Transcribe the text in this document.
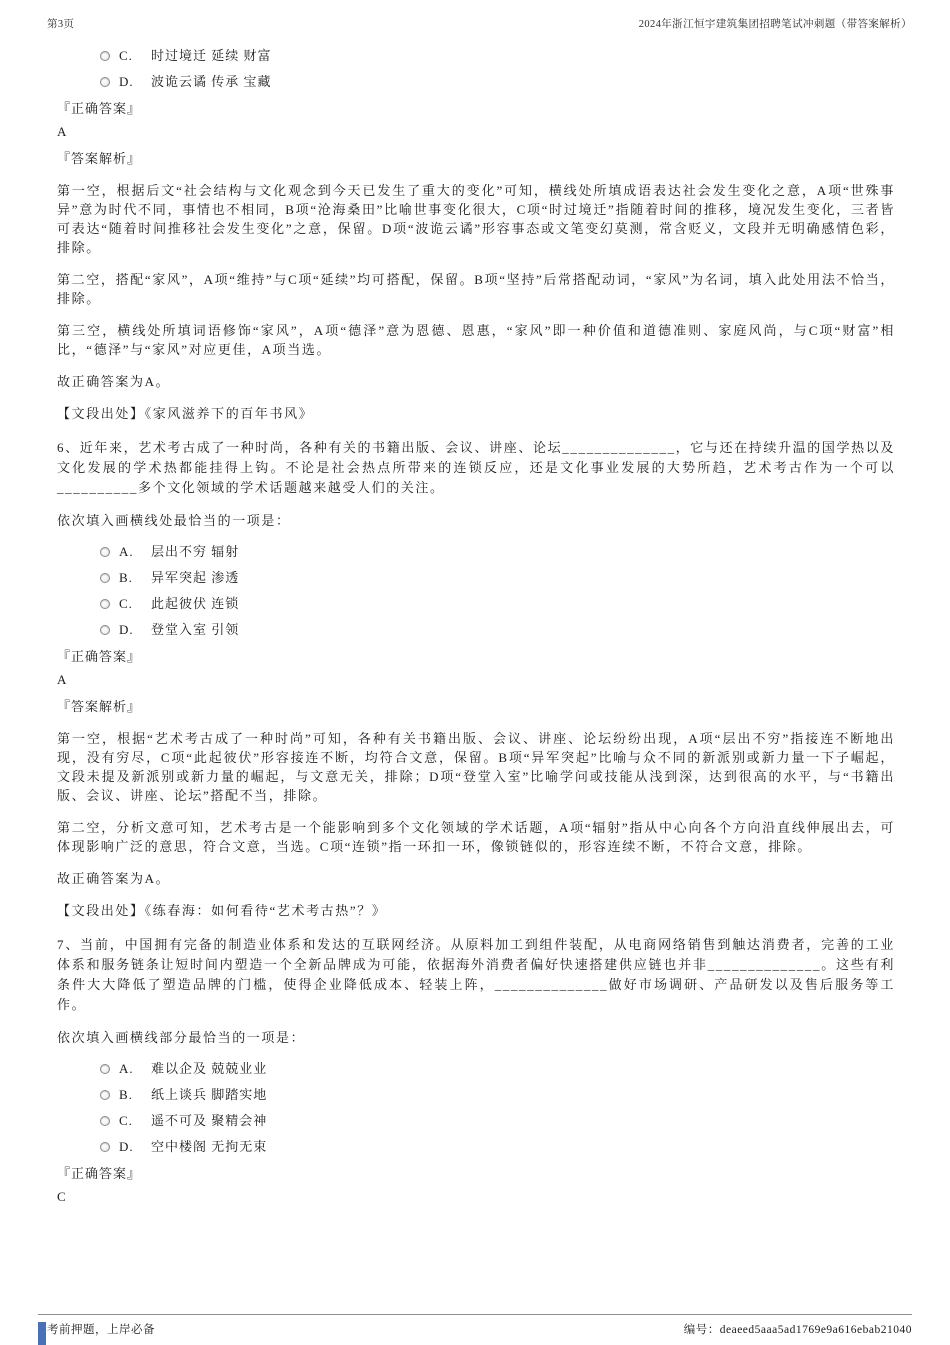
第3页	2024年浙江恒宇建筑集团招聘笔试冲刺题（带答案解析）
C.	时过境迁 延续 财富
D.	波诡云谲 传承 宝藏
『正确答案』
A
『答案解析』

第一空，根据后文“社会结构与文化观念到今天已发生了重大的变化”可知，横线处所填成语表达社会发生变化之意，A项“世殊事异”意为时代不同，事情也不相同，B项“沧海桑田”比喻世事变化很大，C项“时过境迁”指随着时间的推移，境况发生变化，三者皆可表达“随着时间推移社会发生变化”之意，保留。D项“波诡云谲”形容事态或文笔变幻莫测，常含贬义，文段并无明确感情色彩，排除。

第二空，搭配“家风”，A项“维持”与C项“延续”均可搭配，保留。B项“坚持”后常搭配动词，“家风”为名词，填入此处用法不恰当，排除。

第三空，横线处所填词语修饰“家风”，A项“德泽”意为恩德、恩惠，“家风”即一种价值和道德准则、家庭风尚，与C项“财富”相比，“德泽”与“家风”对应更佳，A项当选。

故正确答案为A。

【文段出处】《家风滋养下的百年书风》

6、近年来，艺术考古成了一种时尚，各种有关的书籍出版、会议、讲座、论坛______________，它与还在持续升温的国学热以及文化发展的学术热都能挂得上钩。不论是社会热点所带来的连锁反应，还是文化事业发展的大势所趋，艺术考古作为一个可以__________多个文化领域的学术话题越来越受人们的关注。

依次填入画横线处最恰当的一项是：

A.	层出不穷 辐射
B.	异军突起 渗透
C.	此起彼伏 连锁
D.	登堂入室 引领
『正确答案』
A
『答案解析』

第一空，根据“艺术考古成了一种时尚”可知，各种有关书籍出版、会议、讲座、论坛纷纷出现，A项“层出不穷”指接连不断地出现，没有穷尽，C项“此起彼伏”形容接连不断，均符合文意，保留。B项“异军突起”比喻与众不同的新派别或新力量一下子崛起，文段未提及新派别或新力量的崛起，与文意无关，排除；D项“登堂入室”比喻学问或技能从浅到深，达到很高的水平，与“书籍出版、会议、讲座、论坛”搭配不当，排除。

第二空，分析文意可知，艺术考古是一个能影响到多个文化领域的学术话题，A项“辐射”指从中心向各个方向沿直线伸展出去，可体现影响广泛的意思，符合文意，当选。C项“连锁”指一环扣一环，像锁链似的，形容连续不断，不符合文意，排除。

故正确答案为A。

【文段出处】《练春海：如何看待“艺术考古热”？》

7、当前，中国拥有完备的制造业体系和发达的互联网经济。从原料加工到组件装配，从电商网络销售到触达消费者，完善的工业体系和服务链条让短时间内塑造一个全新品牌成为可能，依据海外消费者偏好快速搭建供应链也并非______________。这些有利条件大大降低了塑造品牌的门槛，使得企业降低成本、轻装上阵，______________做好市场调研、产品研发以及售后服务等工作。

依次填入画横线部分最恰当的一项是：

A.	难以企及 兢兢业业
B.	纸上谈兵 脚踏实地
C.	遥不可及 聚精会神
D.	空中楼阁 无拘无束
『正确答案』
C
考前押题，上岸必备	编号：deaeed5aaa5ad1769e9a616ebab21040
